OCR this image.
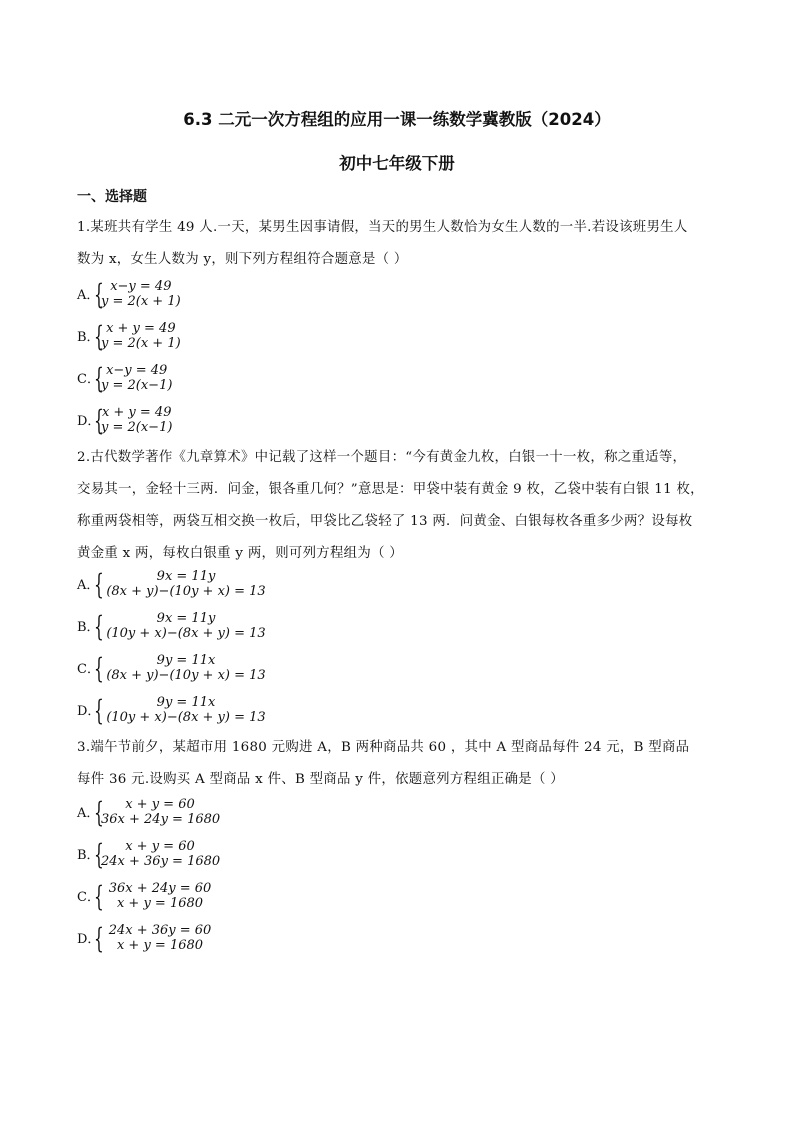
6.3 二元一次方程组的应用一课一练数学冀教版（2024）
初中七年级下册
一、选择题
1.某班共有学生 49 人.一天，某男生因事请假，当天的男生人数恰为女生人数的一半.若设该班男生人
数为 x，女生人数为 y，则下列方程组符合题意是（ ）
A．
{ x−y = 49
y = 2(x + 1)
B．
{ x + y = 49
y = 2(x + 1)
C．
{ x−y = 49
y = 2(x−1)
D．
{
x + y = 49
y = 2(x−1)
2.古代数学著作《九章算术》中记载了这样一个题目：“今有黄金九枚，白银一十一枚，称之重适等，
交易其一，金轻十三两．问金，银各重几何？”意思是：甲袋中装有黄金 9 枚，乙袋中装有白银 11 枚，
称重两袋相等，两袋互相交换一枚后，甲袋比乙袋轻了 13 两．问黄金、白银每枚各重多少两？设每枚
黄金重 x 两，每枚白银重 y 两，则可列方程组为（ ）
A．
{	9x = 11y
(8x + y)−(10y + x) = 13
B．
{	9x = 11y
(10y + x)−(8x + y) = 13
C．
{	9y = 11x
(8x + y)−(10y + x) = 13
D．
{	9y = 11x
(10y + x)−(8x + y) = 13
3.端午节前夕，某超市用 1680 元购进 A，B 两种商品共 60 ，其中 A 型商品每件 24 元，B 型商品
每件 36 元.设购买 A 型商品 x 件、B 型商品 y 件，依题意列方程组正确是（ ）
A．
{	x + y = 60
36x + 24y = 1680
B．
{	x + y = 60
24x + 36y = 1680
C．
{ 36x + 24y = 60
x + y = 1680
D．
{ 24x + 36y = 60
x + y = 1680
